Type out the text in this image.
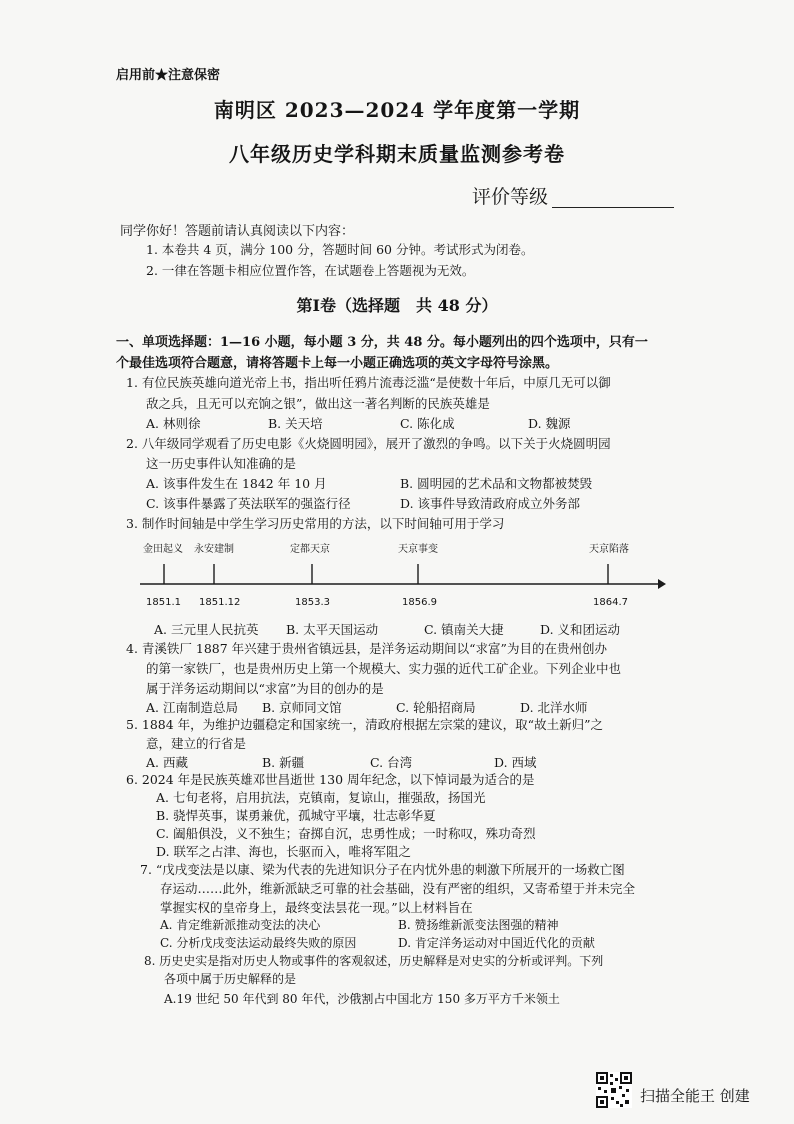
启用前★注意保密
南明区 2023—2024 学年度第一学期
八年级历史学科期末质量监测参考卷
评价等级
同学你好！答题前请认真阅读以下内容：
1. 本卷共 4 页，满分 100 分，答题时间 60 分钟。考试形式为闭卷。
2. 一律在答题卡相应位置作答，在试题卷上答题视为无效。
第Ⅰ卷（选择题　共 48 分）
一、单项选择题：1—16 小题，每小题 3 分，共 48 分。每小题列出的四个选项中，只有一
个最佳选项符合题意，请将答题卡上每一小题正确选项的英文字母符号涂黑。
1. 有位民族英雄向道光帝上书，指出听任鸦片流毒泛滥“是使数十年后，中原几无可以御
敌之兵，且无可以充饷之银”，做出这一著名判断的民族英雄是
A. 林则徐	B. 关天培	C. 陈化成	D. 魏源
2. 八年级同学观看了历史电影《火烧圆明园》，展开了激烈的争鸣。以下关于火烧圆明园
这一历史事件认知准确的是
A. 该事件发生在 1842 年 10 月	B. 圆明园的艺术品和文物都被焚毁
C. 该事件暴露了英法联军的强盗行径	D. 该事件导致清政府成立外务部
3. 制作时间轴是中学生学习历史常用的方法，以下时间轴可用于学习
金田起义 永安建制	定都天京	天京事变	天京陷落
1851.1 1851.12	1853.3	1856.9	1864.7
A. 三元里人民抗英 B. 太平天国运动	C. 镇南关大捷	D. 义和团运动
4. 青溪铁厂 1887 年兴建于贵州省镇远县，是洋务运动期间以“求富”为目的在贵州创办
的第一家铁厂，也是贵州历史上第一个规模大、实力强的近代工矿企业。下列企业中也
属于洋务运动期间以“求富”为目的创办的是
A. 江南制造总局 B. 京师同文馆	C. 轮船招商局	D. 北洋水师
5. 1884 年，为维护边疆稳定和国家统一，清政府根据左宗棠的建议，取“故土新归”之
意，建立的行省是
A. 西藏	B. 新疆	C. 台湾	D. 西域
6. 2024 年是民族英雄邓世昌逝世 130 周年纪念，以下悼词最为适合的是
A. 七旬老将，启用抗法，克镇南，复谅山，摧强敌，扬国光
B. 骁悍英事，谋勇兼优，孤城守平壤，壮志彰华夏
C. 阖船俱没，义不独生；奋掷自沉，忠勇性成；一时称叹，殊功奇烈
D. 联军之占津、海也，长驱而入，唯将军阻之
7. “戊戌变法是以康、梁为代表的先进知识分子在内忧外患的刺激下所展开的一场救亡图
存运动……此外，维新派缺乏可靠的社会基础，没有严密的组织，又寄希望于并未完全
掌握实权的皇帝身上，最终变法昙花一现。”以上材料旨在
A. 肯定维新派推动变法的决心	B. 赞扬维新派变法图强的精神
C. 分析戊戌变法运动最终失败的原因	D. 肯定洋务运动对中国近代化的贡献
8. 历史史实是指对历史人物或事件的客观叙述，历史解释是对史实的分析或评判。下列
各项中属于历史解释的是
A.19 世纪 50 年代到 80 年代，沙俄割占中国北方 150 多万平方千米领土
扫描全能王 创建
